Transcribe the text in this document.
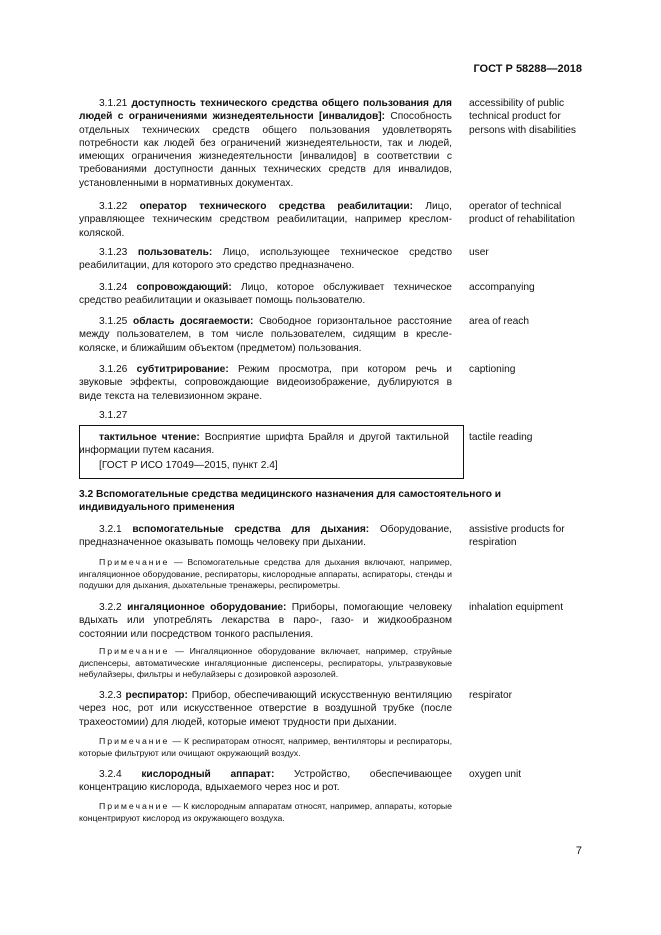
ГОСТ Р 58288—2018
3.1.21 доступность технического средства общего пользования для людей с ограничениями жизнедеятельности [инвалидов]: Способность отдельных технических средств общего пользования удовлетворять потребности как людей без ограничений жизнедеятельности, так и людей, имеющих ограничения жизнедеятельности [инвалидов] в соответствии с требованиями доступности данных технических средств для инвалидов, установленными в нормативных документах.
accessibility of public technical product for persons with disabilities
3.1.22 оператор технического средства реабилитации: Лицо, управляющее техническим средством реабилитации, например креслом-коляской.
operator of technical product of rehabilitation
3.1.23 пользователь: Лицо, использующее техническое средство реабилитации, для которого это средство предназначено.
user
3.1.24 сопровождающий: Лицо, которое обслуживает техническое средство реабилитации и оказывает помощь пользователю.
accompanying
3.1.25 область досягаемости: Свободное горизонтальное расстояние между пользователем, в том числе пользователем, сидящим в кресле-коляске, и ближайшим объектом (предметом) пользования.
area of reach
3.1.26 субтитрирование: Режим просмотра, при котором речь и звуковые эффекты, сопровождающие видеоизображение, дублируются в виде текста на телевизионном экране.
captioning
3.1.27
тактильное чтение: Восприятие шрифта Брайля и другой тактильной информации путем касания.
[ГОСТ Р ИСО 17049—2015, пункт 2.4]
tactile reading
3.2 Вспомогательные средства медицинского назначения для самостоятельного и индивидуального применения
3.2.1 вспомогательные средства для дыхания: Оборудование, предназначенное оказывать помощь человеку при дыхании.
assistive products for respiration
Примечание — Вспомогательные средства для дыхания включают, например, ингаляционное оборудование, респираторы, кислородные аппараты, аспираторы, стенды и подушки для дыхания, дыхательные тренажеры, респирометры.
3.2.2 ингаляционное оборудование: Приборы, помогающие человеку вдыхать или употреблять лекарства в паро-, газо- и жидкообразном состоянии или посредством тонкого распыления.
inhalation equipment
Примечание — Ингаляционное оборудование включает, например, струйные диспенсеры, автоматические ингаляционные диспенсеры, респираторы, ультразвуковые небулайзеры, фильтры и небулайзеры с дозировкой аэрозолей.
3.2.3 респиратор: Прибор, обеспечивающий искусственную вентиляцию через нос, рот или искусственное отверстие в воздушной трубке (после трахеостомии) для людей, которые имеют трудности при дыхании.
respirator
Примечание — К респираторам относят, например, вентиляторы и респираторы, которые фильтруют или очищают окружающий воздух.
3.2.4 кислородный аппарат: Устройство, обеспечивающее концентрацию кислорода, вдыхаемого через нос и рот.
oxygen unit
Примечание — К кислородным аппаратам относят, например, аппараты, которые концентрируют кислород из окружающего воздуха.
7
